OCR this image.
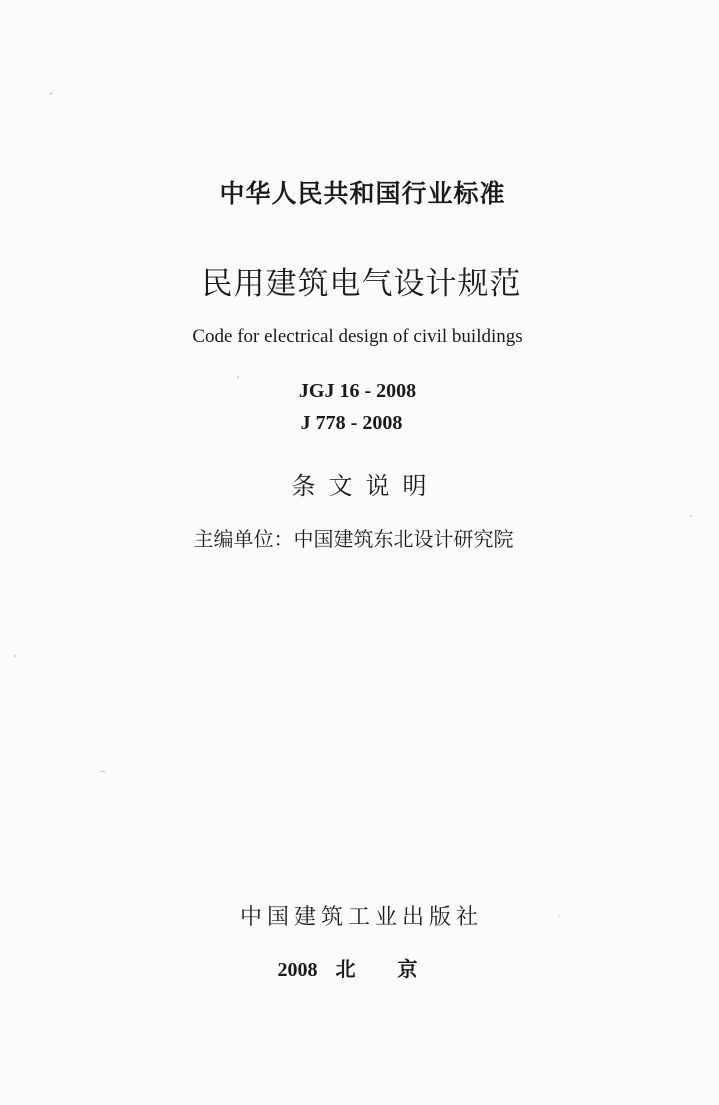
中华人民共和国行业标准
民用建筑电气设计规范
Code for electrical design of civil buildings
JGJ 16 - 2008
J 778 - 2008
条文说明
主编单位：中国建筑东北设计研究院
中国建筑工业出版社
2008 北 京
